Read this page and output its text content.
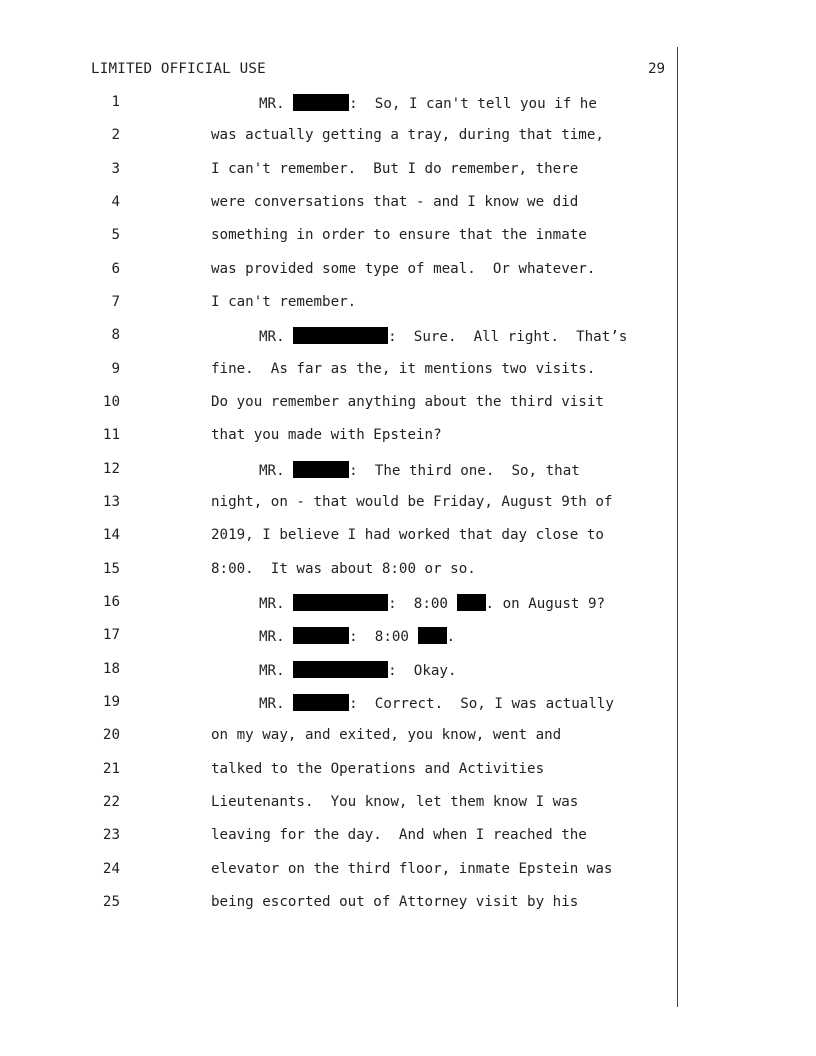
LIMITED OFFICIAL USE	29
1	MR.	:  So, I can't tell you if he
2	was actually getting a tray, during that time,
3	I can't remember.  But I do remember, there
4	were conversations that - and I know we did
5	something in order to ensure that the inmate
6	was provided some type of meal.  Or whatever.
7	I can't remember.
8	MR.	:  Sure.  All right.  That’s
9	fine.  As far as the, it mentions two visits.
10	Do you remember anything about the third visit
11	that you made with Epstein?
12	MR.	:  The third one.  So, that
13	night, on - that would be Friday, August 9th of
14	2019, I believe I had worked that day close to
15	8:00.  It was about 8:00 or so.
16	MR.	:  8:00 . on August 9?
17	MR.	:  8:00 .
18	MR.	:  Okay.
19	MR.	:  Correct.  So, I was actually
20	on my way, and exited, you know, went and
21	talked to the Operations and Activities
22	Lieutenants.  You know, let them know I was
23	leaving for the day.  And when I reached the
24	elevator on the third floor, inmate Epstein was
25	being escorted out of Attorney visit by his
